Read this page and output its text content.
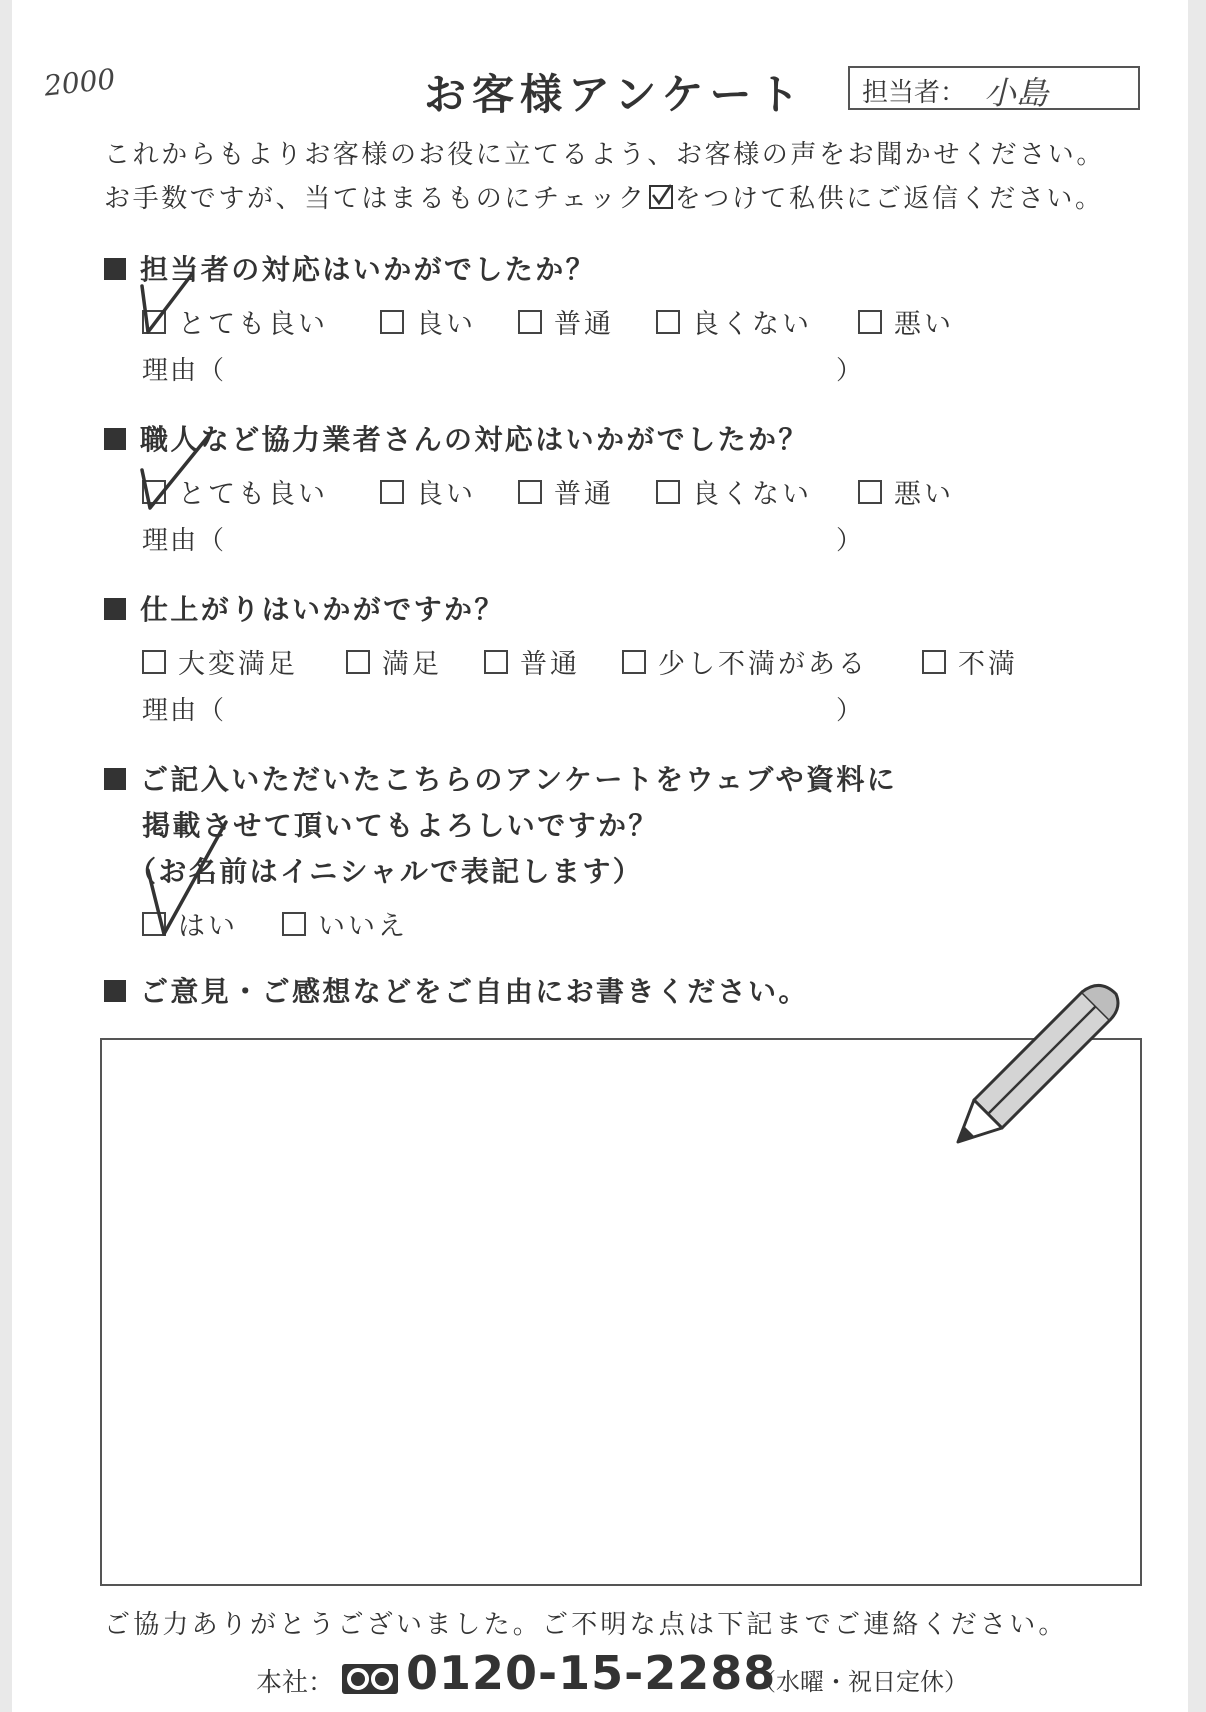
2000	お客様アンケート 担当者： 小島
これからもよりお客様のお役に立てるよう、お客様の声をお聞かせください。
お手数ですが、当てはまるものにチェック をつけて私供にご返信ください。
担当者の対応はいかがでしたか？
とても良い	良い	普通	良くない	悪い
理由（	）
職人など協力業者さんの対応はいかがでしたか？
とても良い	良い	普通	良くない	悪い
理由（	）
仕上がりはいかがですか？
大変満足	満足	普通	少し不満がある	不満
理由（	）
ご記入いただいたこちらのアンケートをウェブや資料に
掲載させて頂いてもよろしいですか？
（お名前はイニシャルで表記します）
はい	いいえ
ご意見・ご感想などをご自由にお書きください。
ご協力ありがとうございました。ご不明な点は下記までご連絡ください。
本社： 0120-15-2288
（水曜・祝日定休）
